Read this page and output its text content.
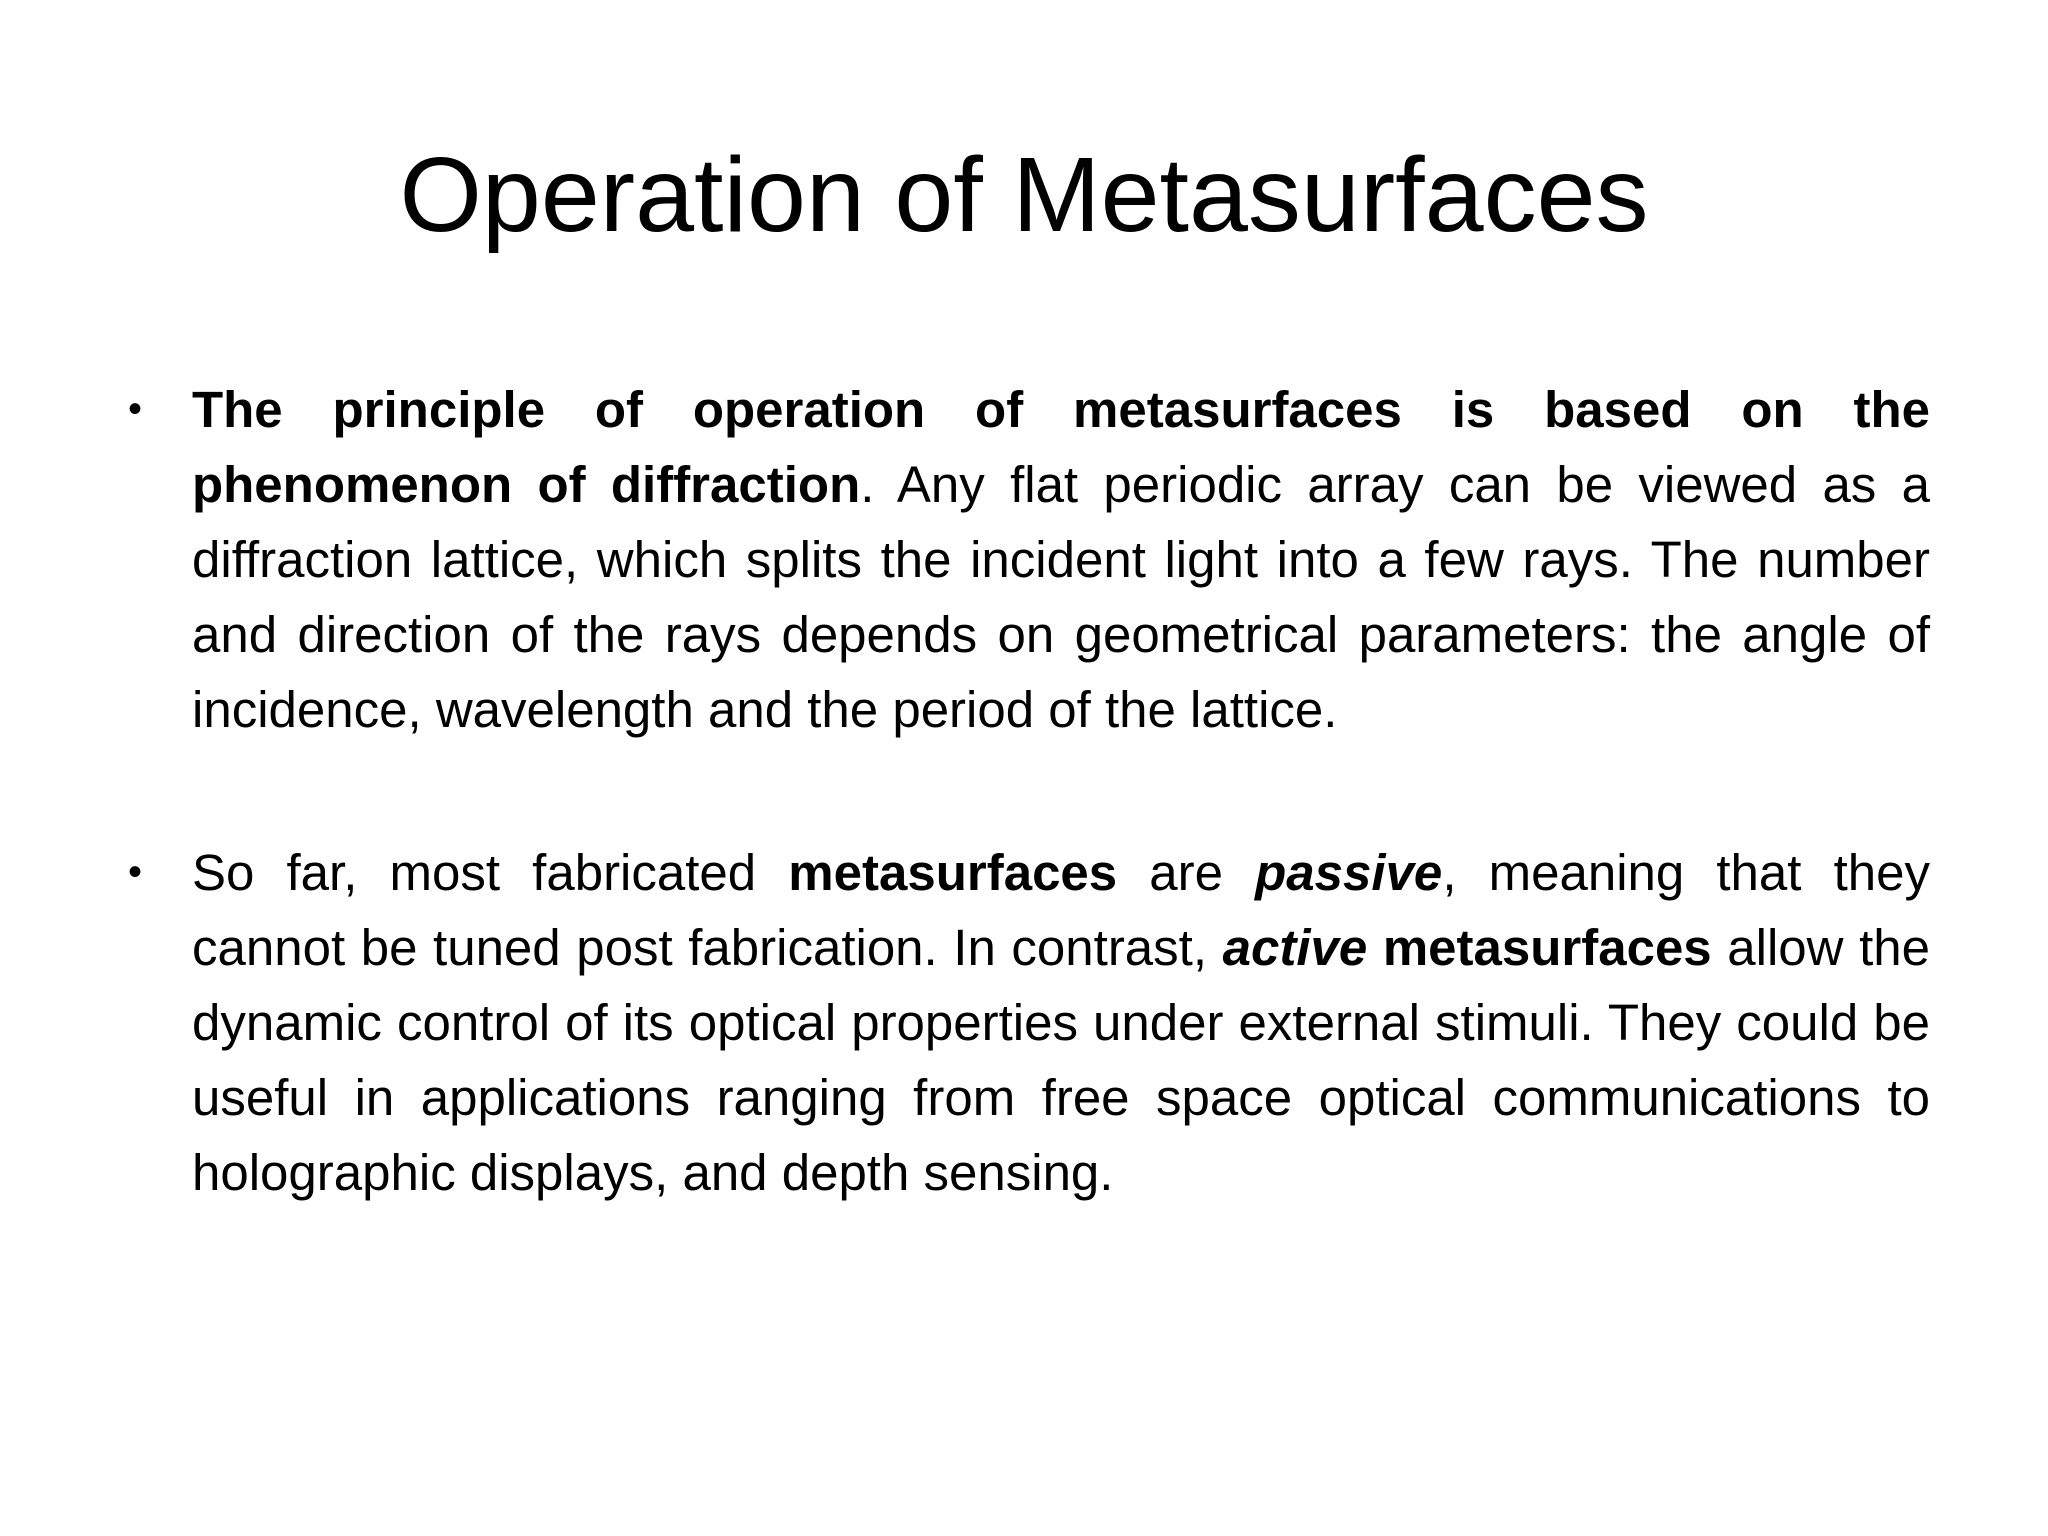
Operation of Metasurfaces

• The principle of operation of metasurfaces is based on the phenomenon of diffraction. Any flat periodic array can be viewed as a diffraction lattice, which splits the incident light into a few rays. The number and direction of the rays depends on geometrical parameters: the angle of incidence, wavelength and the period of the lattice.

• So far, most fabricated metasurfaces are passive, meaning that they cannot be tuned post fabrication. In contrast, active metasurfaces allow the dynamic control of its optical properties under external stimuli. They could be useful in applications ranging from free space optical communications to holographic displays, and depth sensing.
